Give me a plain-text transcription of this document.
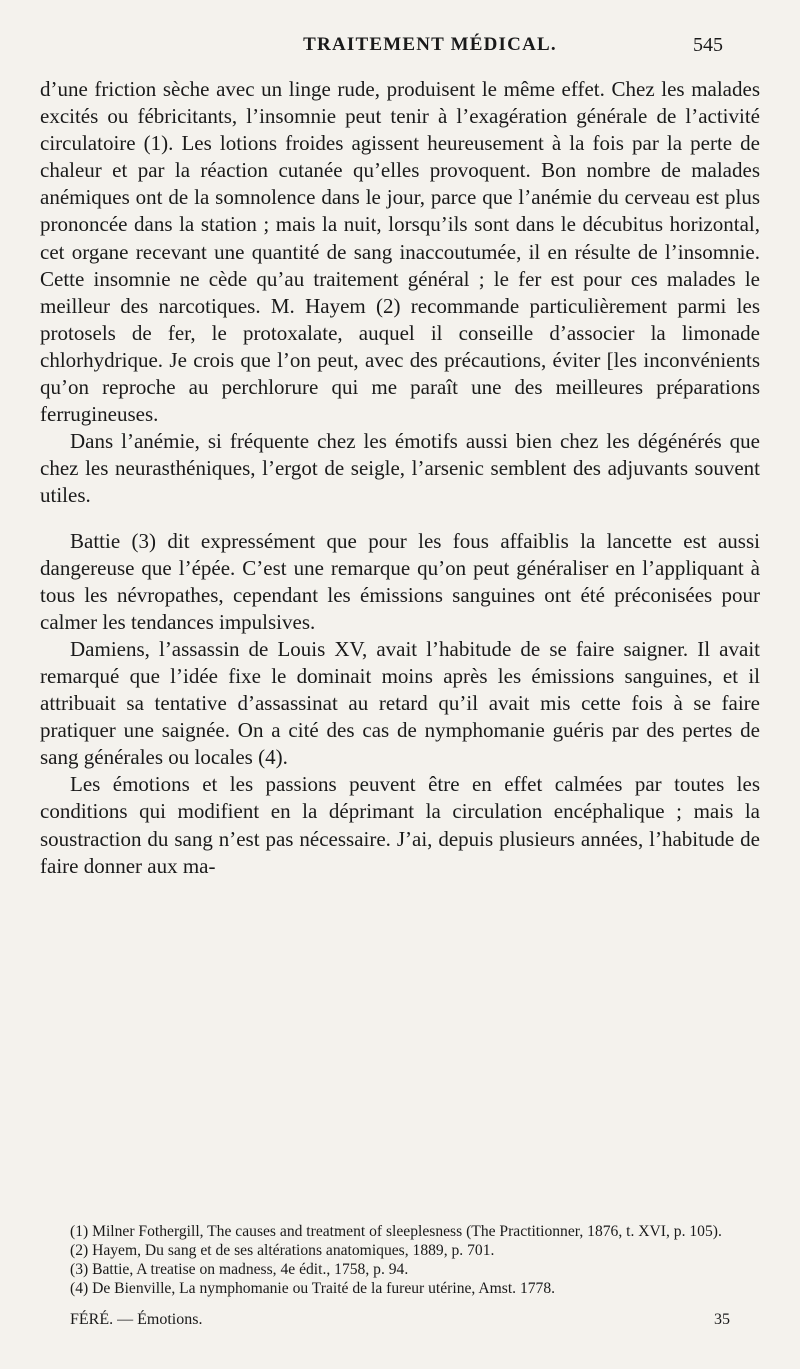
TRAITEMENT MÉDICAL.	545

d’une friction sèche avec un linge rude, produisent le même effet. Chez les malades excités ou fébricitants, l’insomnie peut tenir à l’exagération générale de l’activité circulatoire (1). Les lotions froides agissent heureusement à la fois par la perte de chaleur et par la réaction cutanée qu’elles provoquent. Bon nombre de malades anémiques ont de la somnolence dans le jour, parce que l’anémie du cerveau est plus prononcée dans la station ; mais la nuit, lorsqu’ils sont dans le décubitus horizontal, cet organe recevant une quantité de sang inaccoutumée, il en résulte de l’insomnie. Cette insomnie ne cède qu’au traitement général ; le fer est pour ces malades le meilleur des narcotiques. M. Hayem (2) recommande particulièrement parmi les protosels de fer, le protoxalate, auquel il conseille d’associer la limonade chlorhydrique. Je crois que l’on peut, avec des précautions, éviter [les inconvénients qu’on reproche au perchlorure qui me paraît une des meilleures préparations ferrugineuses.

Dans l’anémie, si fréquente chez les émotifs aussi bien chez les dégénérés que chez les neurasthéniques, l’ergot de seigle, l’arsenic semblent des adjuvants souvent utiles.

Battie (3) dit expressément que pour les fous affaiblis la lancette est aussi dangereuse que l’épée. C’est une remarque qu’on peut généraliser en l’appliquant à tous les névropathes, cependant les émissions sanguines ont été préconisées pour calmer les tendances impulsives.

Damiens, l’assassin de Louis XV, avait l’habitude de se faire saigner. Il avait remarqué que l’idée fixe le dominait moins après les émissions sanguines, et il attribuait sa tentative d’assassinat au retard qu’il avait mis cette fois à se faire pratiquer une saignée. On a cité des cas de nymphomanie guéris par des pertes de sang générales ou locales (4).

Les émotions et les passions peuvent être en effet calmées par toutes les conditions qui modifient en la déprimant la circulation encéphalique ; mais la soustraction du sang n’est pas nécessaire. J’ai, depuis plusieurs années, l’habitude de faire donner aux ma-

(1) Milner Fothergill, The causes and treatment of sleeplesness (The Practitionner, 1876, t. XVI, p. 105).

(2) Hayem, Du sang et de ses altérations anatomiques, 1889, p. 701.

(3) Battie, A treatise on madness, 4e édit., 1758, p. 94.

(4) De Bienville, La nymphomanie ou Traité de la fureur utérine, Amst. 1778.

FÉRÉ. — Émotions.	35
